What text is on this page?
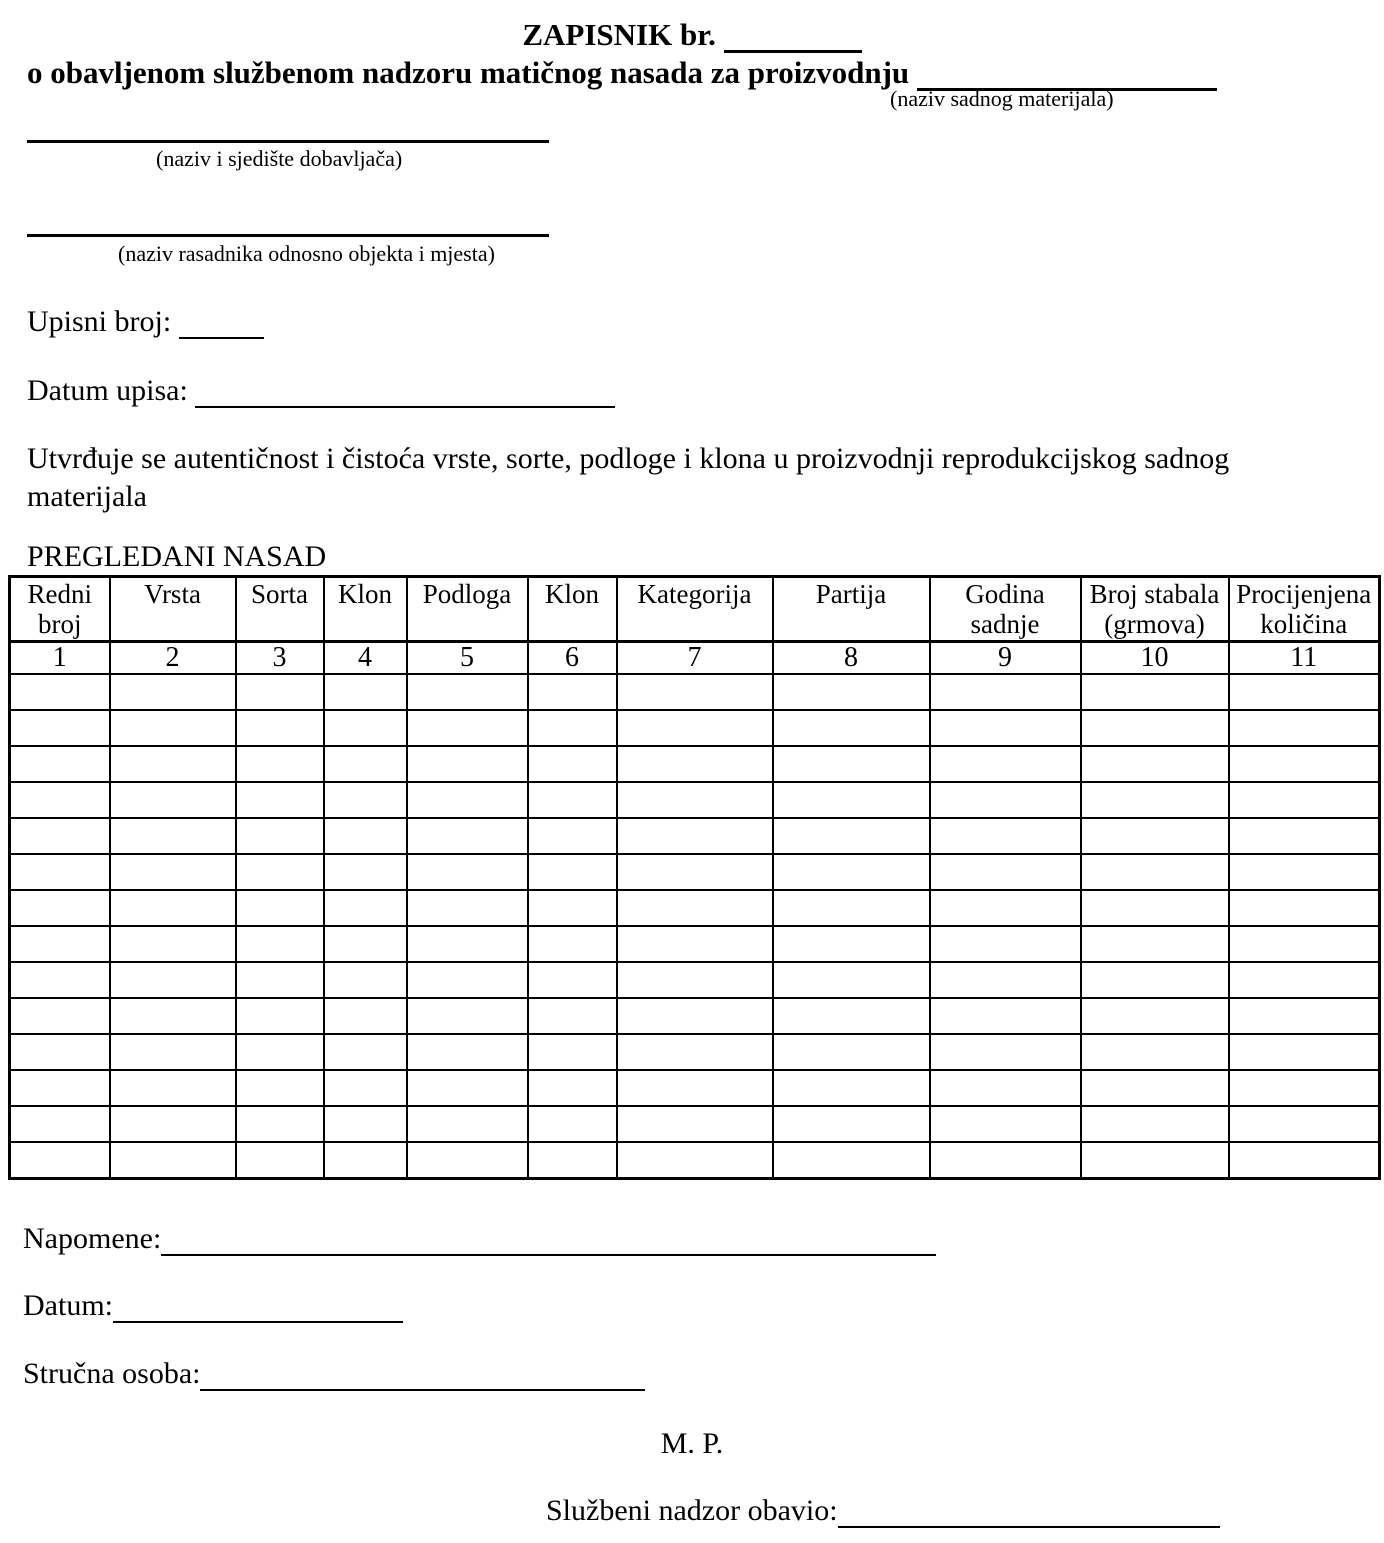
ZAPISNIK br.
o obavljenom službenom nadzoru matičnog nasada za proizvodnju
(naziv sadnog materijala)
(naziv i sjedište dobavljača)
(naziv rasadnika odnosno objekta i mjesta)
Upisni broj:
Datum upisa:
Utvrđuje se autentičnost i čistoća vrste, sorte, podloge i klona u proizvodnji reprodukcijskog sadnog materijala
PREGLEDANI NASAD
Redni broj	Vrsta	Sorta	Klon	Podloga	Klon	Kategorija	Partija	Godina sadnje	Broj stabala (grmova)	Procijenjena količina
1	2	3	4	5	6	7	8	9	10	11

Napomene:
Datum:
Stručna osoba:
M. P.
Službeni nadzor obavio:
